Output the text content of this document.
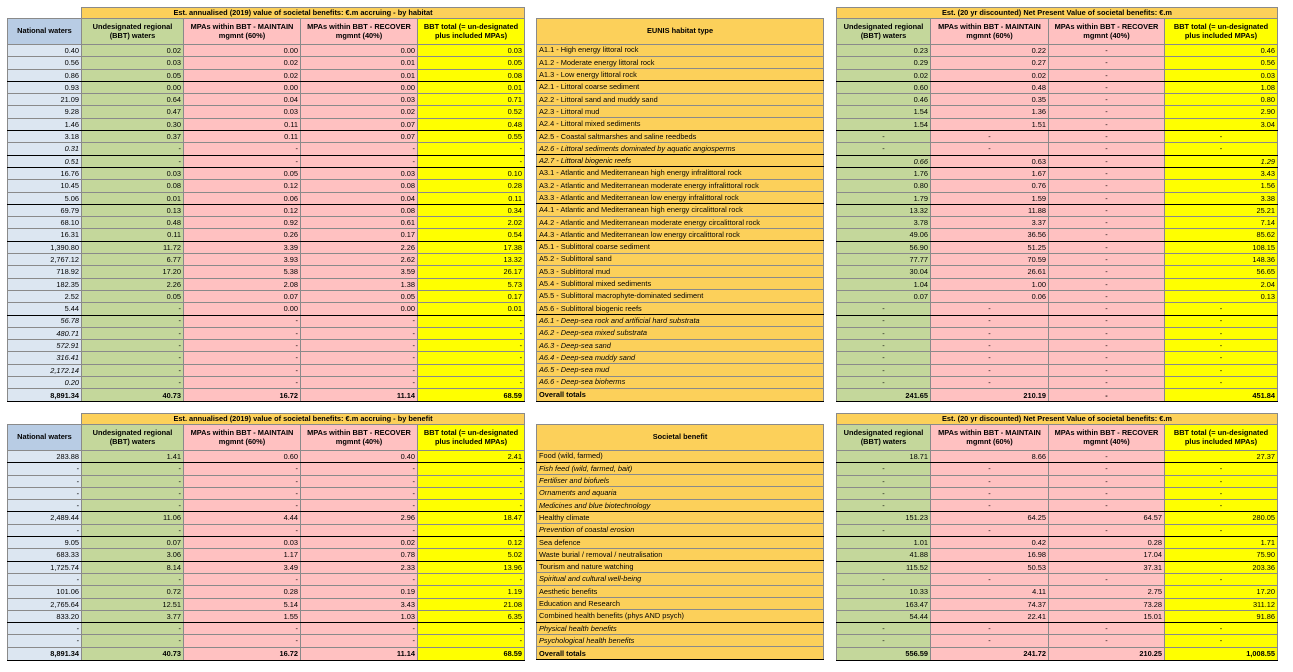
	Est. annualised (2019) value of societal benefits: €.m accruing - by habitat			
National waters	Undesignated regional (BBT) waters	MPAs within BBT - MAINTAIN mgmnt (60%)	MPAs within BBT - RECOVER mgmnt (40%)	BBT total (= un-designated plus included MPAs)
0.40	0.02	0.00	0.00	0.03
0.56	0.03	0.02	0.01	0.05
0.86	0.05	0.02	0.01	0.08
0.93	0.00	0.00	0.00	0.01
21.09	0.64	0.04	0.03	0.71
9.28	0.47	0.03	0.02	0.52
1.46	0.30	0.11	0.07	0.48
3.18	0.37	0.11	0.07	0.55
0.31	-	-	-	-
0.51	-	-	-	-
16.76	0.03	0.05	0.03	0.10
10.45	0.08	0.12	0.08	0.28
5.06	0.01	0.06	0.04	0.11
69.79	0.13	0.12	0.08	0.34
68.10	0.48	0.92	0.61	2.02
16.31	0.11	0.26	0.17	0.54
1,390.80	11.72	3.39	2.26	17.38
2,767.12	6.77	3.93	2.62	13.32
718.92	17.20	5.38	3.59	26.17
182.35	2.26	2.08	1.38	5.73
2.52	0.05	0.07	0.05	0.17
5.44	-	0.00	0.00	0.01
56.78	-	-	-	-
480.71	-	-	-	-
572.91	-	-	-	-
316.41	-	-	-	-
2,172.14	-	-	-	-
0.20	-	-	-	-
8,891.34	40.73	16.72	11.14	68.59

EUNIS habitat type
A1.1 - High energy littoral rock
A1.2 - Moderate energy littoral rock
A1.3 - Low energy littoral rock
A2.1 - Littoral coarse sediment
A2.2 - Littoral sand and muddy sand
A2.3 - Littoral mud
A2.4 - Littoral mixed sediments
A2.5 - Coastal saltmarshes and saline reedbeds
A2.6 - Littoral sediments dominated by aquatic angiosperms
A2.7 - Littoral biogenic reefs
A3.1 - Atlantic and Mediterranean high energy infralittoral rock
A3.2 - Atlantic and Mediterranean moderate energy infralittoral rock
A3.3 - Atlantic and Mediterranean low energy infralittoral rock
A4.1 - Atlantic and Mediterranean high energy circalittoral rock
A4.2 - Atlantic and Mediterranean moderate energy circalittoral rock
A4.3 - Atlantic and Mediterranean low energy circalittoral rock
A5.1 - Sublittoral coarse sediment
A5.2 - Sublittoral sand
A5.3 - Sublittoral mud
A5.4 - Sublittoral mixed sediments
A5.5 - Sublittoral macrophyte-dominated sediment
A5.6 - Sublittoral biogenic reefs
A6.1 - Deep-sea rock and artificial hard substrata
A6.2 - Deep-sea mixed substrata
A6.3 - Deep-sea sand
A6.4 - Deep-sea muddy sand
A6.5 - Deep-sea mud
A6.6 - Deep-sea bioherms
Overall totals
Est. (20 yr discounted) Net Present Value of societal benefits: €.m			
Undesignated regional (BBT) waters	MPAs within BBT - MAINTAIN mgmnt (60%)	MPAs within BBT - RECOVER mgmnt (40%)	BBT total (= un-designated plus included MPAs)
0.23	0.22	-	0.46
0.29	0.27	-	0.56
0.02	0.02	-	0.03
0.60	0.48	-	1.08
0.46	0.35	-	0.80
1.54	1.36	-	2.90
1.54	1.51	-	3.04
-	-	-	-
-	-	-	-
0.66	0.63	-	1.29
1.76	1.67	-	3.43
0.80	0.76	-	1.56
1.79	1.59	-	3.38
13.32	11.88	-	25.21
3.78	3.37	-	7.14
49.06	36.56	-	85.62
56.90	51.25	-	108.15
77.77	70.59	-	148.36
30.04	26.61	-	56.65
1.04	1.00	-	2.04
0.07	0.06	-	0.13
-	-	-	-
-	-	-	-
-	-	-	-
-	-	-	-
-	-	-	-
-	-	-	-
-	-	-	-
241.65	210.19	-	451.84
	Est. annualised (2019) value of societal benefits: €.m accruing - by benefit			
National waters	Undesignated regional (BBT) waters	MPAs within BBT - MAINTAIN mgmnt (60%)	MPAs within BBT - RECOVER mgmnt (40%)	BBT total (= un-designated plus included MPAs)
283.88	1.41	0.60	0.40	2.41
-	-	-	-	-
-	-	-	-	-
-	-	-	-	-
-	-	-	-	-
2,489.44	11.06	4.44	2.96	18.47
-	-	-	-	-
9.05	0.07	0.03	0.02	0.12
683.33	3.06	1.17	0.78	5.02
1,725.74	8.14	3.49	2.33	13.96
-	-	-	-	-
101.06	0.72	0.28	0.19	1.19
2,765.64	12.51	5.14	3.43	21.08
833.20	3.77	1.55	1.03	6.35
-	-	-	-	-
-	-	-	-	-
8,891.34	40.73	16.72	11.14	68.59

Societal benefit
Food (wild, farmed)
Fish feed (wild, farmed, bait)
Fertiliser and biofuels
Ornaments and aquaria
Medicines and blue biotechnology
Healthy climate
Prevention of coastal erosion
Sea defence
Waste burial / removal / neutralisation
Tourism and nature watching
Spiritual and cultural well-being
Aesthetic benefits
Education and Research
Combined health benefits (phys AND psych)
Physical health benefits
Psychological health benefits
Overall totals
Est. (20 yr discounted) Net Present Value of societal benefits: €.m			
Undesignated regional (BBT) waters	MPAs within BBT - MAINTAIN mgmnt (60%)	MPAs within BBT - RECOVER mgmnt (40%)	BBT total (= un-designated plus included MPAs)
18.71	8.66	-	27.37
-	-	-	-
-	-	-	-
-	-	-	-
-	-	-	-
151.23	64.25	64.57	280.05
-	-	-	-
1.01	0.42	0.28	1.71
41.88	16.98	17.04	75.90
115.52	50.53	37.31	203.36
-	-	-	-
10.33	4.11	2.75	17.20
163.47	74.37	73.28	311.12
54.44	22.41	15.01	91.86
-	-	-	-
-	-	-	-
556.59	241.72	210.25	1,008.55
